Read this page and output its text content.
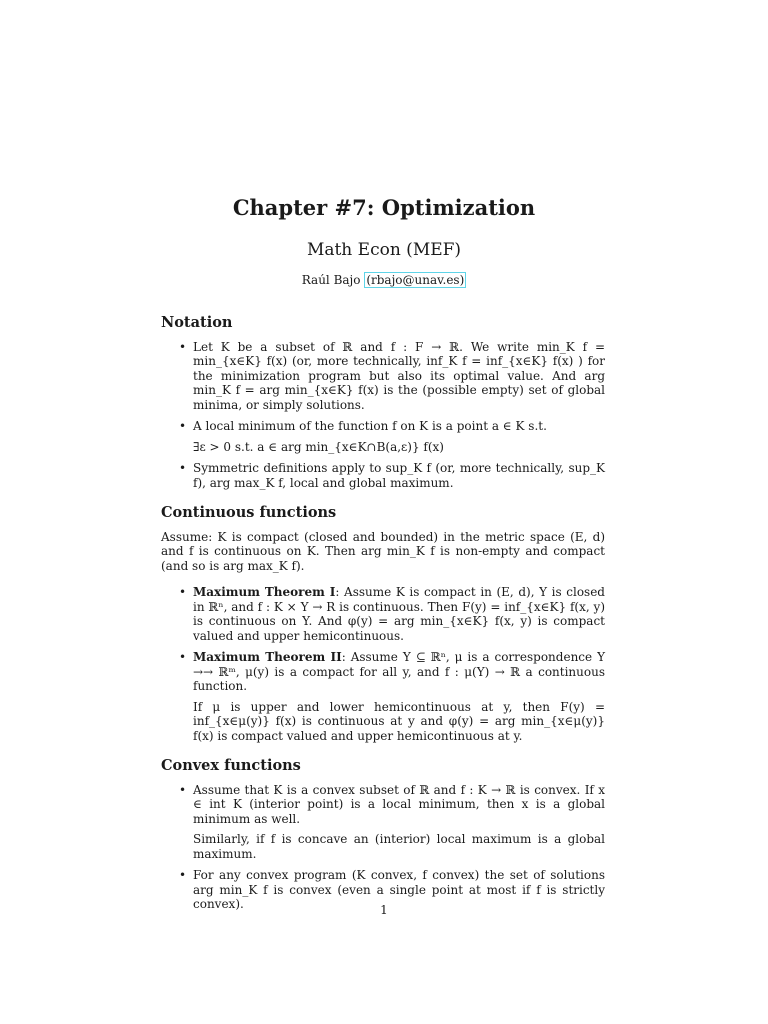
Chapter #7: Optimization
Math Econ (MEF)
Raúl Bajo (rbajo@unav.es)
Notation

• Let K be a subset of ℝ and f : F → ℝ. We write min_K f = min_{x∈K} f(x) (or, more technically, inf_K f = inf_{x∈K} f(x) ) for the minimization program but also its optimal value. And arg min_K f = arg min_{x∈K} f(x) is the (possible empty) set of global minima, or simply solutions.

• A local minimum of the function f on K is a point a ∈ K s.t.

∃ε > 0 s.t. a ∈ arg min_{x∈K∩B(a,ε)} f(x)

• Symmetric definitions apply to sup_K f (or, more technically, sup_K f), arg max_K f, local and global maximum.

Continuous functions

Assume: K is compact (closed and bounded) in the metric space (E, d) and f is continuous on K. Then arg min_K f is non-empty and compact (and so is arg max_K f).

• Maximum Theorem I: Assume K is compact in (E, d), Y is closed in ℝⁿ, and f : K × Y → R is continuous. Then F(y) = inf_{x∈K} f(x, y) is continuous on Y. And φ(y) = arg min_{x∈K} f(x, y) is compact valued and upper hemicontinuous.

• Maximum Theorem II: Assume Y ⊆ ℝⁿ, μ is a correspondence Y →→ ℝᵐ, μ(y) is a compact for all y, and f : μ(Y) → ℝ a continuous function.

If μ is upper and lower hemicontinuous at y, then F(y) = inf_{x∈μ(y)} f(x) is continuous at y and φ(y) = arg min_{x∈μ(y)} f(x) is compact valued and upper hemicontinuous at y.

Convex functions

• Assume that K is a convex subset of ℝ and f : K → ℝ is convex. If x ∈ int K (interior point) is a local minimum, then x is a global minimum as well.

Similarly, if f is concave an (interior) local maximum is a global maximum.

• For any convex program (K convex, f convex) the set of solutions arg min_K f is convex (even a single point at most if f is strictly convex).	1
